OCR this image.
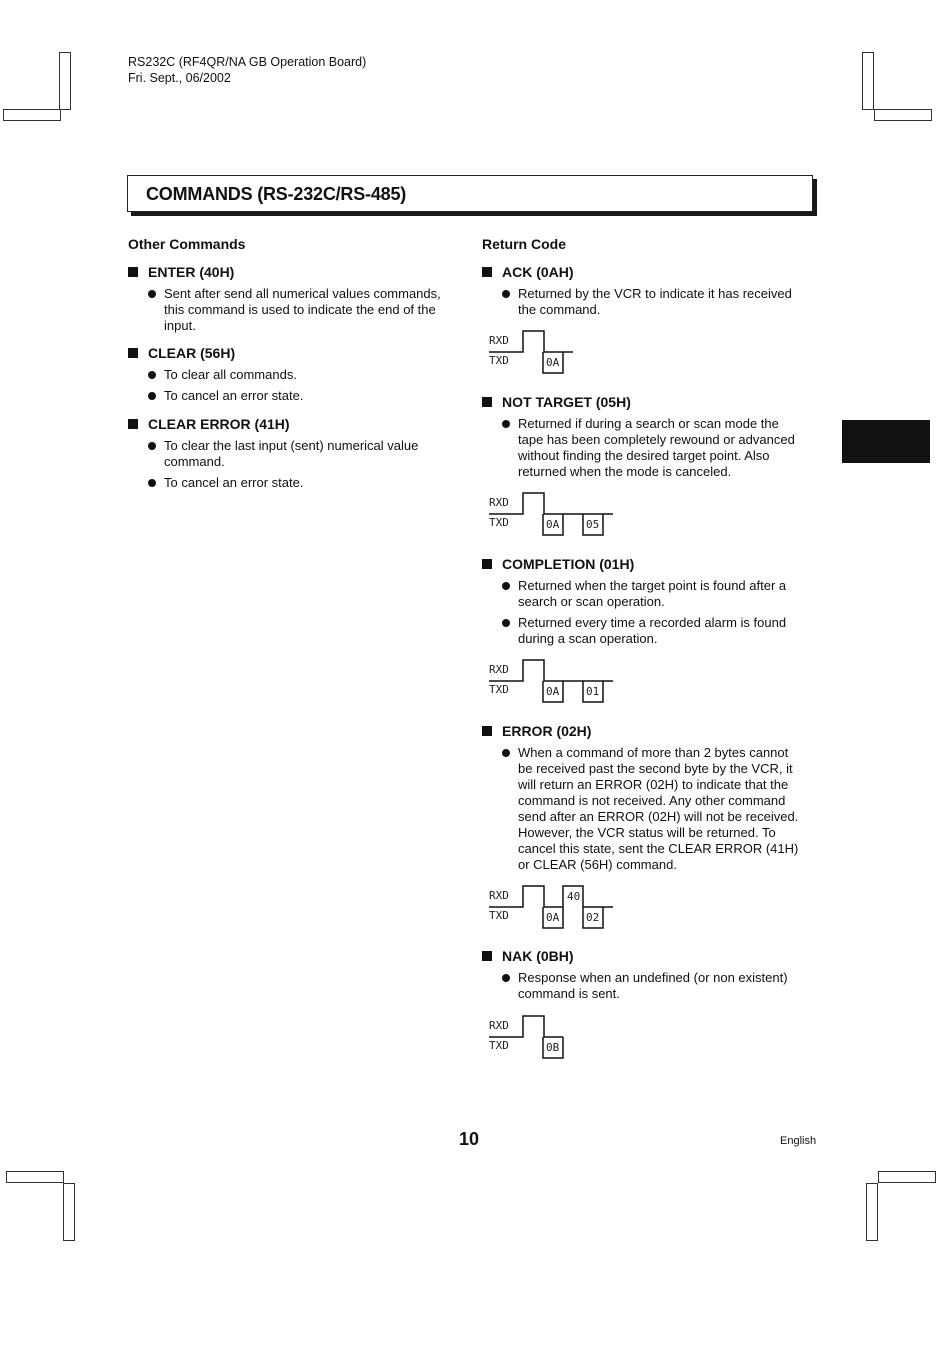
RS232C (RF4QR/NA GB Operation Board)
Fri. Sept., 06/2002
COMMANDS (RS-232C/RS-485)
Other Commands
ENTER (40H)
Sent after send all numerical values commands,
this command is used to indicate the end of the
input.
CLEAR (56H)
To clear all commands.
To cancel an error state.
CLEAR ERROR (41H)
To clear the last input (sent) numerical value
command.
To cancel an error state.
Return Code
ACK (0AH)
Returned by the VCR to indicate it has received
the command.
RXD
TXD	0A
NOT TARGET (05H)
Returned if during a search or scan mode the
tape has been completely rewound or advanced
without finding the desired target point. Also
returned when the mode is canceled.
RXD
TXD	0A 05
COMPLETION (01H)
Returned when the target point is found after a
search or scan operation.
Returned every time a recorded alarm is found
during a scan operation.
RXD
TXD	0A 01
ERROR (02H)
When a command of more than 2 bytes cannot
be received past the second byte by the VCR, it
will return an ERROR (02H) to indicate that the
command is not received. Any other command
send after an ERROR (02H) will not be received.
However, the VCR status will be returned. To
cancel this state, sent the CLEAR ERROR (41H)
or CLEAR (56H) command.
RXD
TXD
40
0A 02
NAK (0BH)
Response when an undefined (or non existent)
command is sent.
RXD
TXD	0B
10	English
